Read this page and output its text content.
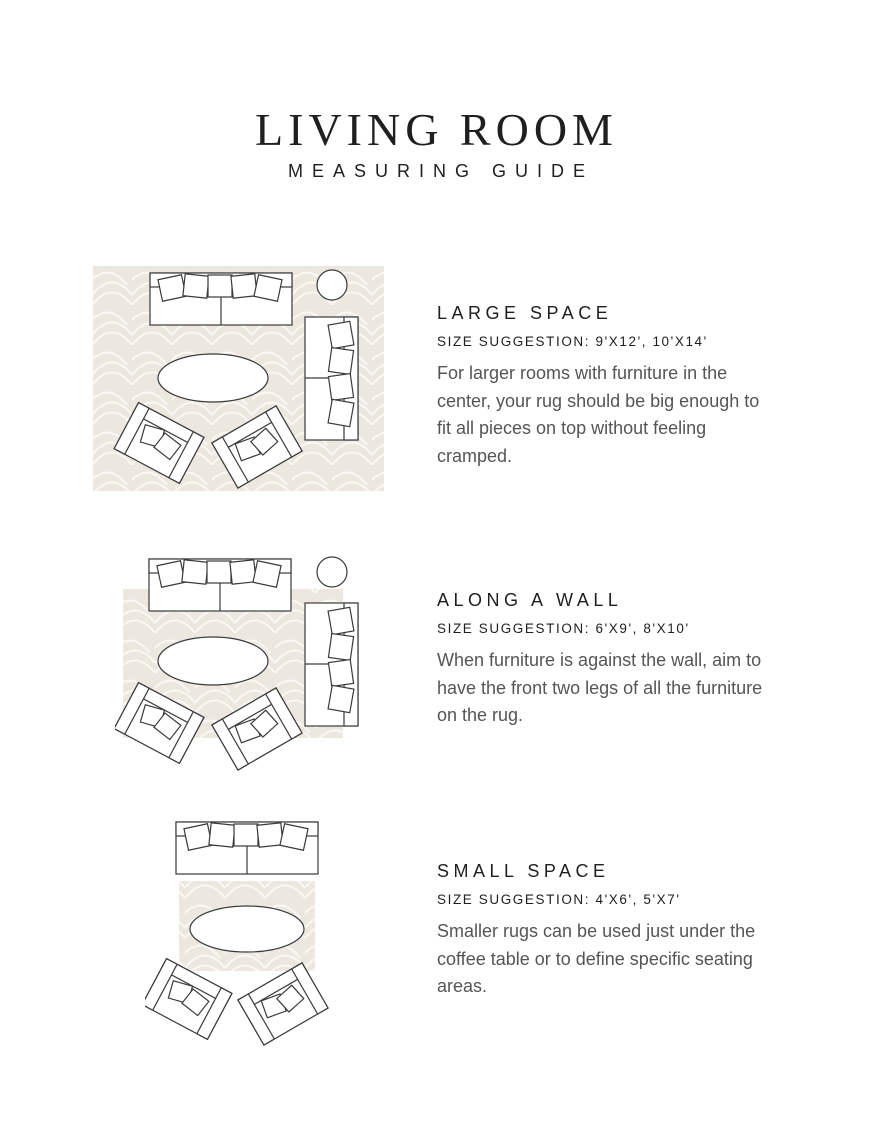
LIVING ROOM
MEASURING GUIDE
LARGE SPACE
SIZE SUGGESTION: 9'X12', 10'X14'
For larger rooms with furniture in the center, your rug should be big enough to fit all pieces on top without feeling cramped.
ALONG A WALL
SIZE SUGGESTION: 6'X9', 8'X10'
When furniture is against the wall, aim to have the front two legs of all the furniture on the rug.
SMALL SPACE
SIZE SUGGESTION: 4'X6', 5'X7'
Smaller rugs can be used just under the coffee table or to define specific seating areas.
